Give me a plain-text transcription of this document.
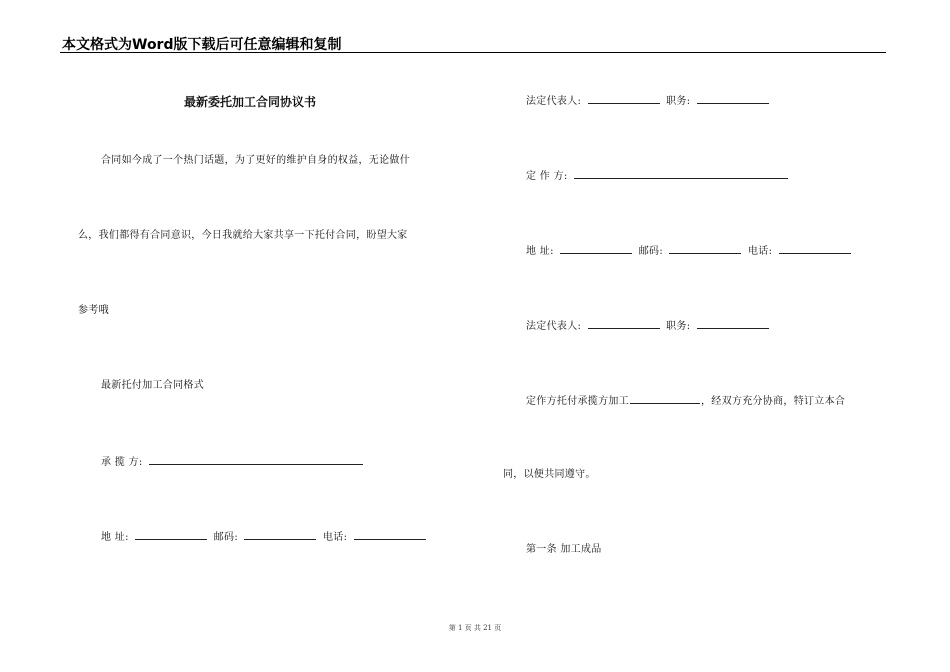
本文格式为Word版下载后可任意编辑和复制
最新委托加工合同协议书
合同如今成了一个热门话题，为了更好的维护自身的权益，无论做什
么，我们都得有合同意识，今日我就给大家共享一下托付合同，盼望大家
参考哦
最新托付加工合同格式
承 揽 方:
地 址:	邮码:	电话:
法定代表人:	职务:
定 作 方:
地 址:	邮码:	电话:
法定代表人:	职务:
定作方托付承揽方加工	，经双方充分协商，特订立本合
同，以便共同遵守。
第一条 加工成品
第 1 页 共 21 页
